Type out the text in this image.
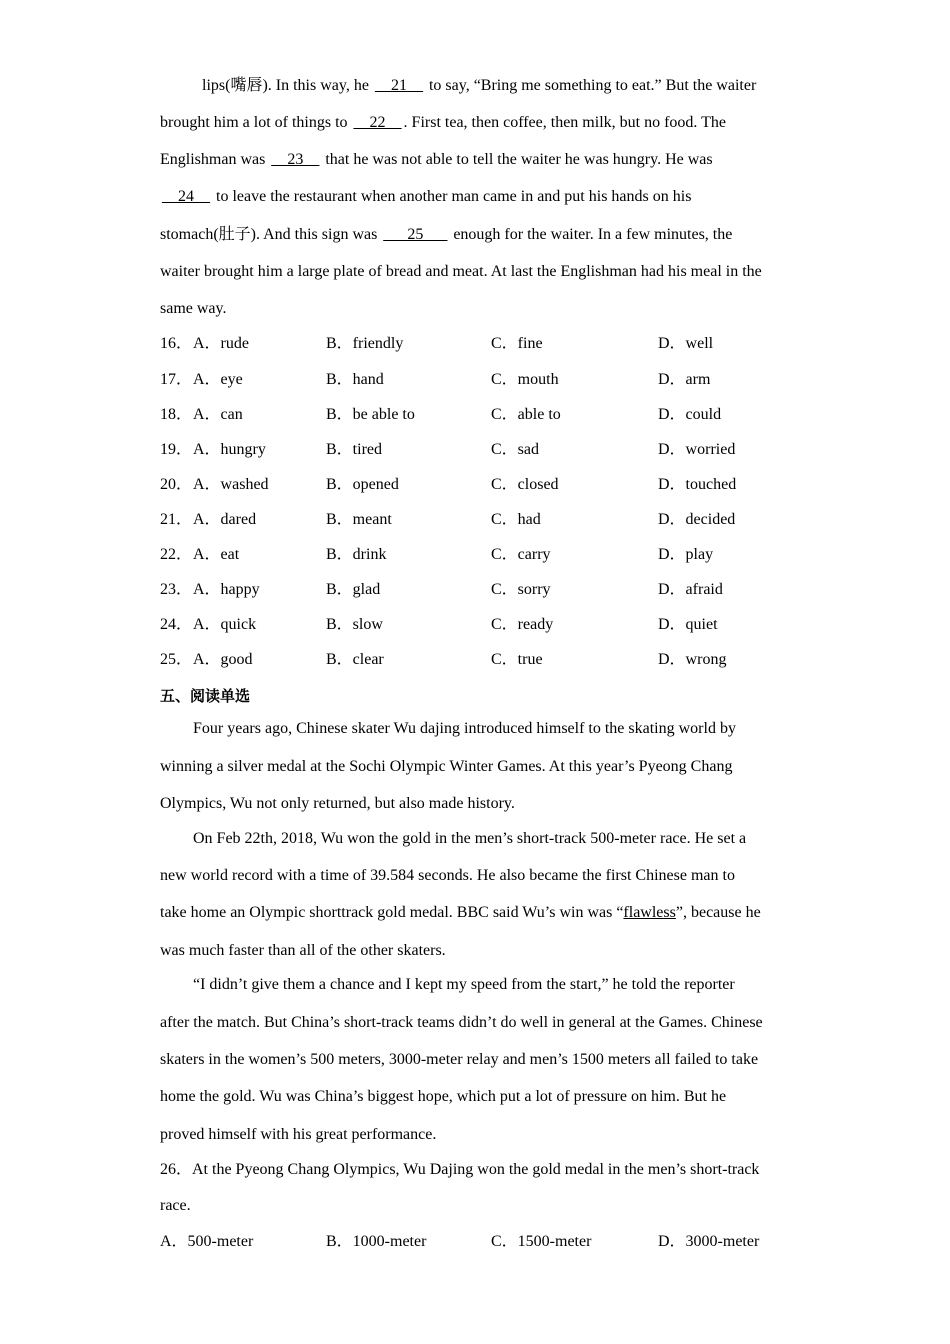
lips(嘴唇). In this way, he __21__ to say, “Bring me something to eat.” But the waiter
brought him a lot of things to __22__ . First tea, then coffee, then milk, but no food. The
Englishman was __23__ that he was not able to tell the waiter he was hungry. He was
__24__ to leave the restaurant when another man came in and put his hands on his
stomach(肚子). And this sign was ___25___ enough for the waiter. In a few minutes, the
waiter brought him a large plate of bread and meat. At last the Englishman had his meal in the
same way.
16． A．rude	B．friendly	C．fine	D．well
17． A．eye	B．hand	C．mouth	D．arm
18． A．can	B．be able to	C．able to	D．could
19． A．hungry	B．tired	C．sad	D．worried
20． A．washed	B．opened	C．closed	D．touched
21． A．dared	B．meant	C．had	D．decided
22． A．eat	B．drink	C．carry	D．play
23． A．happy	B．glad	C．sorry	D．afraid
24． A．quick	B．slow	C．ready	D．quiet
25． A．good	B．clear	C．true	D．wrong
五、阅读单选
Four years ago, Chinese skater Wu dajing introduced himself to the skating world by
winning a silver medal at the Sochi Olympic Winter Games. At this year’s Pyeong Chang
Olympics, Wu not only returned, but also made history.
On Feb 22th, 2018, Wu won the gold in the men’s short-track 500-meter race. He set a
new world record with a time of 39.584 seconds. He also became the first Chinese man to
take home an Olympic shorttrack gold medal. BBC said Wu’s win was “flawless”, because he
was much faster than all of the other skaters.
“I didn’t give them a chance and I kept my speed from the start,” he told the reporter
after the match. But China’s short-track teams didn’t do well in general at the Games. Chinese
skaters in the women’s 500 meters, 3000-meter relay and men’s 1500 meters all failed to take
home the gold. Wu was China’s biggest hope, which put a lot of pressure on him. But he
proved himself with his great performance.
26．At the Pyeong Chang Olympics, Wu Dajing won the gold medal in the men’s short-track
race.
A．500-meter	B．1000-meter	C．1500-meter	D．3000-meter
